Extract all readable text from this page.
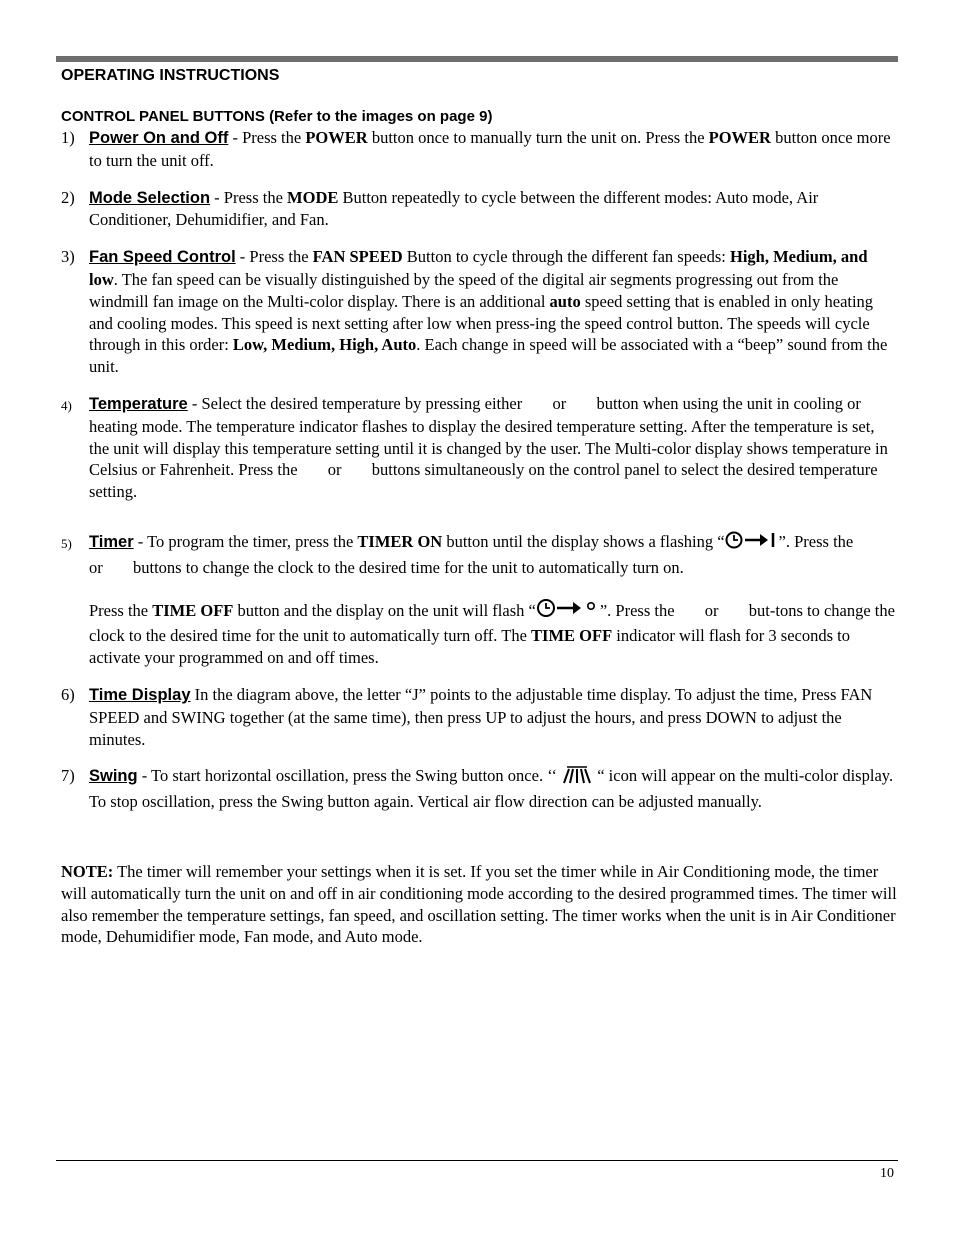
OPERATING INSTRUCTIONS
CONTROL PANEL BUTTONS (Refer to the images on page 9)
1) Power On and Off - Press the POWER button once to manually turn the unit on. Press the POWER button once more to turn the unit off.
2) Mode Selection - Press the MODE Button repeatedly to cycle between the different modes: Auto mode, Air Conditioner, Dehumidifier, and Fan.
3) Fan Speed Control - Press the FAN SPEED Button to cycle through the different fan speeds: High, Medium, and low. The fan speed can be visually distinguished by the speed of the digital air segments progressing out from the windmill fan image on the Multi-color display. There is an additional auto speed setting that is enabled in only heating and cooling modes. This speed is next setting after low when press-ing the speed control button. The speeds will cycle through in this order: Low, Medium, High, Auto. Each change in speed will be associated with a “beep” sound from the unit.
4) Temperature - Select the desired temperature by pressing either  or  button when using the unit in cooling or heating mode. The temperature indicator flashes to display the desired temperature setting. After the temperature is set, the unit will display this temperature setting until it is changed by the user. The Multi-color display shows temperature in Celsius or Fahrenheit. Press the  or  buttons simultaneously on the control panel to select the desired temperature setting.
5) Timer - To program the timer, press the TIMER ON button until the display shows a flashing “	”. Press the  or  buttons to change the clock to the desired time for the unit to automatically turn on.
Press the TIME OFF button and the display on the unit will flash “	”. Press the  or  but-tons to change the clock to the desired time for the unit to automatically turn off. The TIME OFF indicator will flash for 3 seconds to activate your programmed on and off times.
6) Time Display In the diagram above, the letter “J” points to the adjustable time display. To adjust the time, Press FAN SPEED and SWING together (at the same time), then press UP to adjust the hours, and press DOWN to adjust the minutes.
7) Swing - To start horizontal oscillation, press the Swing button once. ‘‘  “ icon will appear on the multi-color display. To stop oscillation, press the Swing button again. Vertical air flow direction can be adjusted manually.
NOTE: The timer will remember your settings when it is set. If you set the timer while in Air Conditioning mode, the timer will automatically turn the unit on and off in air conditioning mode according to the desired programmed times. The timer will also remember the temperature settings, fan speed, and oscillation setting. The timer works when the unit is in Air Conditioner mode, Dehumidifier mode, Fan mode, and Auto mode.
10
